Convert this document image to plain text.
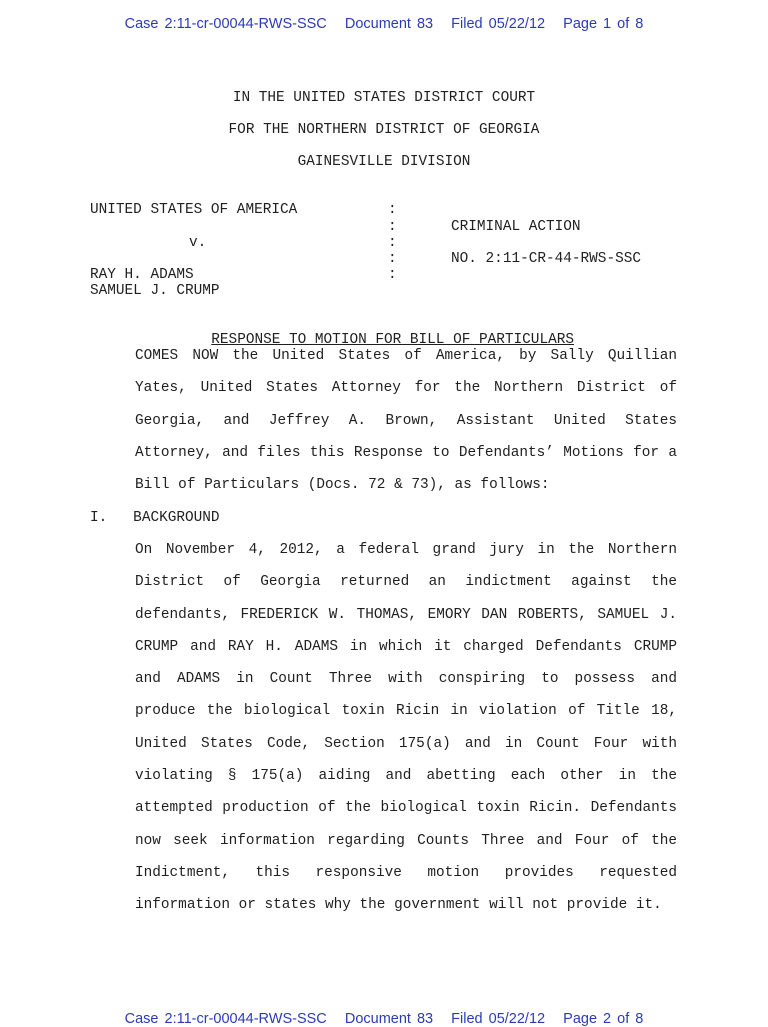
Case 2:11-cr-00044-RWS-SSC   Document 83   Filed 05/22/12   Page 1 of 8
IN THE UNITED STATES DISTRICT COURT
FOR THE NORTHERN DISTRICT OF GEORGIA
GAINESVILLE DIVISION
UNITED STATES OF AMERICA
v.
RAY H. ADAMS
SAMUEL J. CRUMP
:
:
:
:
:
CRIMINAL ACTION
NO. 2:11-CR-44-RWS-SSC

RESPONSE TO MOTION FOR BILL OF PARTICULARS

COMES NOW the United States of America, by Sally Quillian Yates, United States Attorney for the Northern District of Georgia, and Jeffrey A. Brown, Assistant United States Attorney, and files this Response to Defendants’ Motions for a Bill of Particulars (Docs. 72 & 73), as follows:
I.   BACKGROUND
On November 4, 2012, a federal grand jury in the Northern District of Georgia returned an indictment against the defendants, FREDERICK W. THOMAS, EMORY DAN ROBERTS, SAMUEL J. CRUMP and RAY H. ADAMS in which it charged Defendants CRUMP and ADAMS in Count Three with conspiring to possess and produce the biological toxin Ricin in violation of Title 18, United States Code, Section 175(a) and in Count Four with violating § 175(a) aiding and abetting each other in the attempted production of the biological toxin Ricin. Defendants now seek information regarding Counts Three and Four of the Indictment, this responsive motion provides requested information or states why the government will not provide it.
Case 2:11-cr-00044-RWS-SSC   Document 83   Filed 05/22/12   Page 2 of 8
